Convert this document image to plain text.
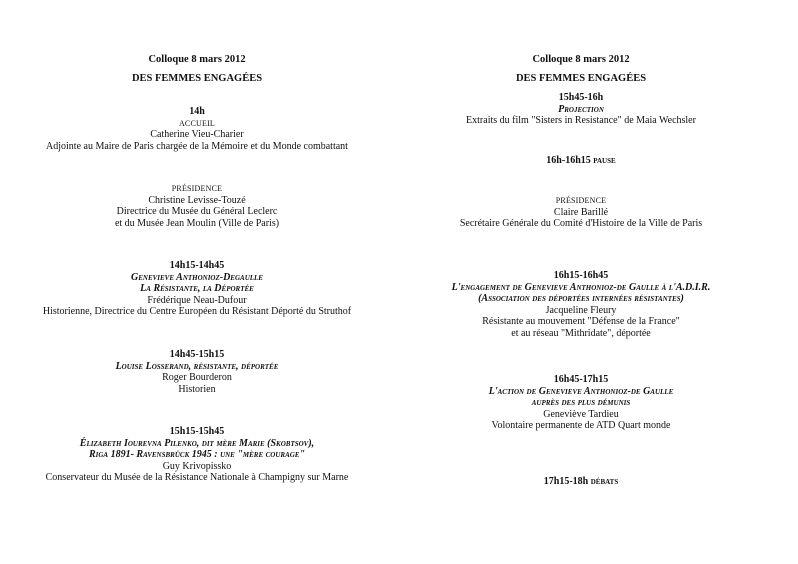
Colloque 8 mars 2012
DES FEMMES ENGAGÉES
14h
ACCUEIL
Catherine Vieu-Charier
Adjointe au Maire de Paris chargée de la Mémoire et du Monde combattant
PRÉSIDENCE
Christine Levisse-Touzé
Directrice du Musée du Général Leclerc
et du Musée Jean Moulin (Ville de Paris)
14h15-14h45
Genevieve Anthonioz-Degaulle
La Résistante, la Déportée
Frédérique Neau-Dufour
Historienne, Directrice du Centre Européen du Résistant Déporté du Struthof
14h45-15h15
Louise Losserand, résistante, déportée
Roger Bourderon
Historien
15h15-15h45
Élizabeth Iourevna Pilenko, dit mère Marie (Skobtsov),
Riga 1891- Ravensbrück 1945 : une "mère courage"
Guy Krivopissko
Conservateur du Musée de la Résistance Nationale à Champigny sur Marne
Colloque 8 mars 2012
DES FEMMES ENGAGÉES
15h45-16h
Projection
Extraits du film "Sisters in Resistance" de Maia Wechsler
16h-16h15 pause
PRÉSIDENCE
Claire Barillé
Secrétaire Générale du Comité d'Histoire de la Ville de Paris
16h15-16h45
L'engagement de Genevieve Anthonioz-de Gaulle à l'A.D.I.R.
(Association des déportées internées résistantes)
Jacqueline Fleury
Résistante au mouvement "Défense de la France"
et au réseau "Mithridate", déportée
16h45-17h15
L'action de Genevieve Anthonioz-de Gaulle
auprès des plus démunis
Geneviève Tardieu
Volontaire permanente de ATD Quart monde
17h15-18h débats
